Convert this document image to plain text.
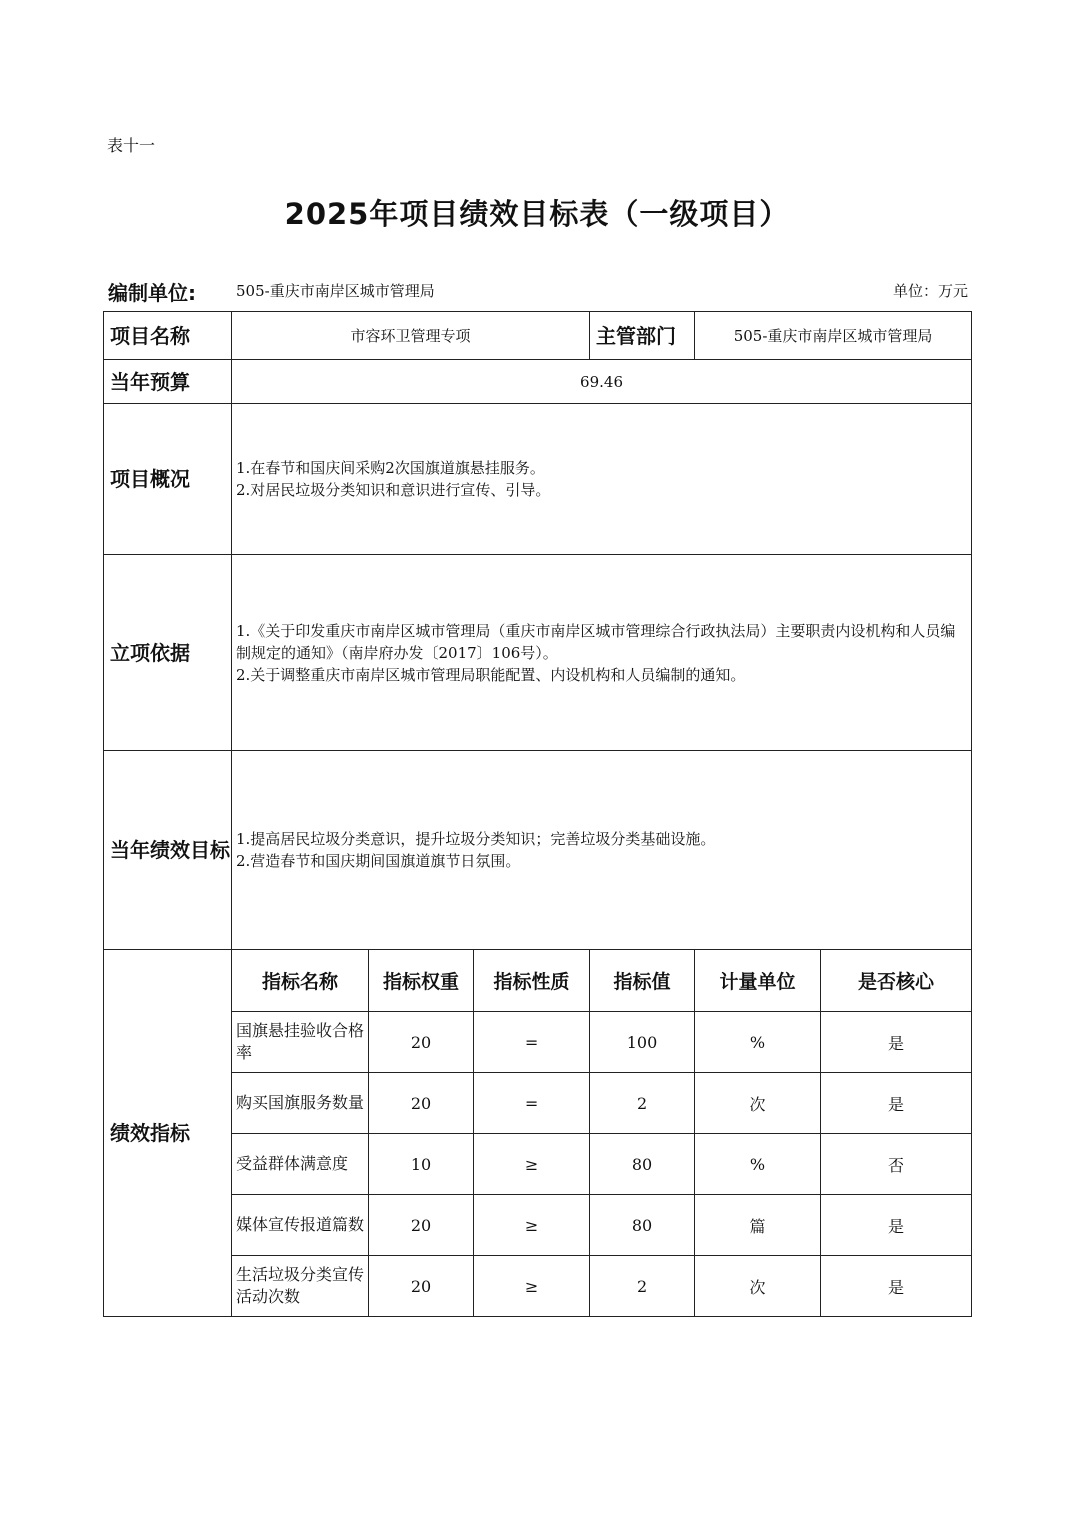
表十一
2025年项目绩效目标表（一级项目）
编制单位:	505-重庆市南岸区城市管理局	单位：万元
项目名称	市容环卫管理专项			主管部门	505-重庆市南岸区城市管理局	
当年预算	69.46					
项目概况	1.在春节和国庆间采购2次国旗道旗悬挂服务。
2.对居民垃圾分类知识和意识进行宣传、引导。					

立项依据	1.《关于印发重庆市南岸区城市管理局（重庆市南岸区城市管理综合行政执法局）主要职责内设机构和人员编制规定的通知》（南岸府办发〔2017〕106号）。
2.关于调整重庆市南岸区城市管理局职能配置、内设机构和人员编制的通知。					

当年绩效目标	1.提高居民垃圾分类意识，提升垃圾分类知识；完善垃圾分类基础设施。
2.营造春节和国庆期间国旗道旗节日氛围。					

绩效指标	指标名称	指标权重	指标性质	指标值	计量单位	是否核心
	国旗悬挂验收合格率	20	=	100	%	是
	购买国旗服务数量	20	=	2	次	是
	受益群体满意度	10	≥	80	%	否
	媒体宣传报道篇数	20	≥	80	篇	是
	生活垃圾分类宣传活动次数	20	≥	2	次	是
